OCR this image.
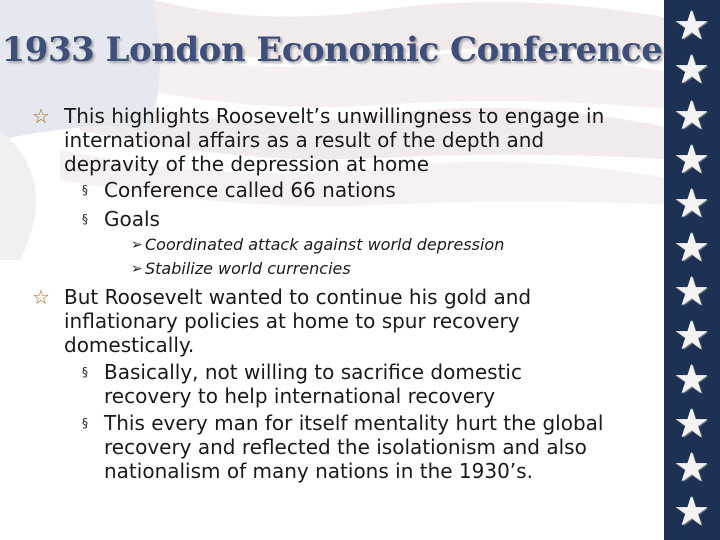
★
★
★
★
★
★
★
★
★
★
★
★
1933 London Economic Conference
☆ This highlights Roosevelt’s unwillingness to engage in international affairs as a result of the depth and depravity of the depression at home
§ Conference called 66 nations
§ Goals
➢ Coordinated attack against world depression
➢ Stabilize world currencies
☆ But Roosevelt wanted to continue his gold and inflationary policies at home to spur recovery domestically.
§ Basically, not willing to sacrifice domestic recovery to help international recovery
§ This every man for itself mentality hurt the global recovery and reflected the isolationism and also nationalism of many nations in the 1930’s.
